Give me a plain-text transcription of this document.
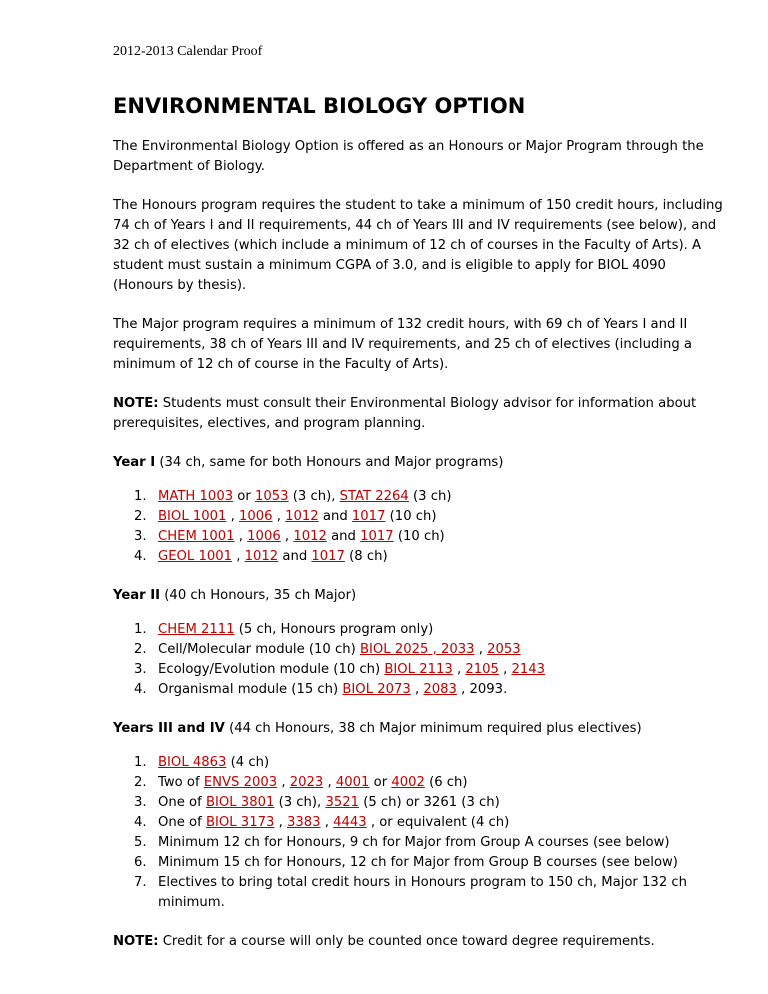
2012-2013 Calendar Proof
ENVIRONMENTAL BIOLOGY OPTION

The Environmental Biology Option is offered as an Honours or Major Program through the Department of Biology.

The Honours program requires the student to take a minimum of 150 credit hours, including 74 ch of Years I and II requirements, 44 ch of Years III and IV requirements (see below), and 32 ch of electives (which include a minimum of 12 ch of courses in the Faculty of Arts). A student must sustain a minimum CGPA of 3.0, and is eligible to apply for BIOL 4090 (Honours by thesis).

The Major program requires a minimum of 132 credit hours, with 69 ch of Years I and II requirements, 38 ch of Years III and IV requirements, and 25 ch of electives (including a minimum of 12 ch of course in the Faculty of Arts).

NOTE: Students must consult their Environmental Biology advisor for information about prerequisites, electives, and program planning.

Year I (34 ch, same for both Honours and Major programs)

1. MATH 1003 or 1053 (3 ch), STAT 2264 (3 ch)
2. BIOL 1001 , 1006 , 1012 and 1017 (10 ch)
3. CHEM 1001 , 1006 , 1012 and 1017 (10 ch)
4. GEOL 1001 , 1012 and 1017 (8 ch)

Year II (40 ch Honours, 35 ch Major)

1. CHEM 2111 (5 ch, Honours program only)
2. Cell/Molecular module (10 ch) BIOL 2025 , 2033 , 2053
3. Ecology/Evolution module (10 ch) BIOL 2113 , 2105 , 2143
4. Organismal module (15 ch) BIOL 2073 , 2083 , 2093.

Years III and IV (44 ch Honours, 38 ch Major minimum required plus electives)

1. BIOL 4863 (4 ch)
2. Two of ENVS 2003 , 2023 , 4001 or 4002 (6 ch)
3. One of BIOL 3801 (3 ch), 3521 (5 ch) or 3261 (3 ch)
4. One of BIOL 3173 , 3383 , 4443 , or equivalent (4 ch)
5. Minimum 12 ch for Honours, 9 ch for Major from Group A courses (see below)
6. Minimum 15 ch for Honours, 12 ch for Major from Group B courses (see below)
7. Electives to bring total credit hours in Honours program to 150 ch, Major 132 ch minimum.

NOTE: Credit for a course will only be counted once toward degree requirements.
